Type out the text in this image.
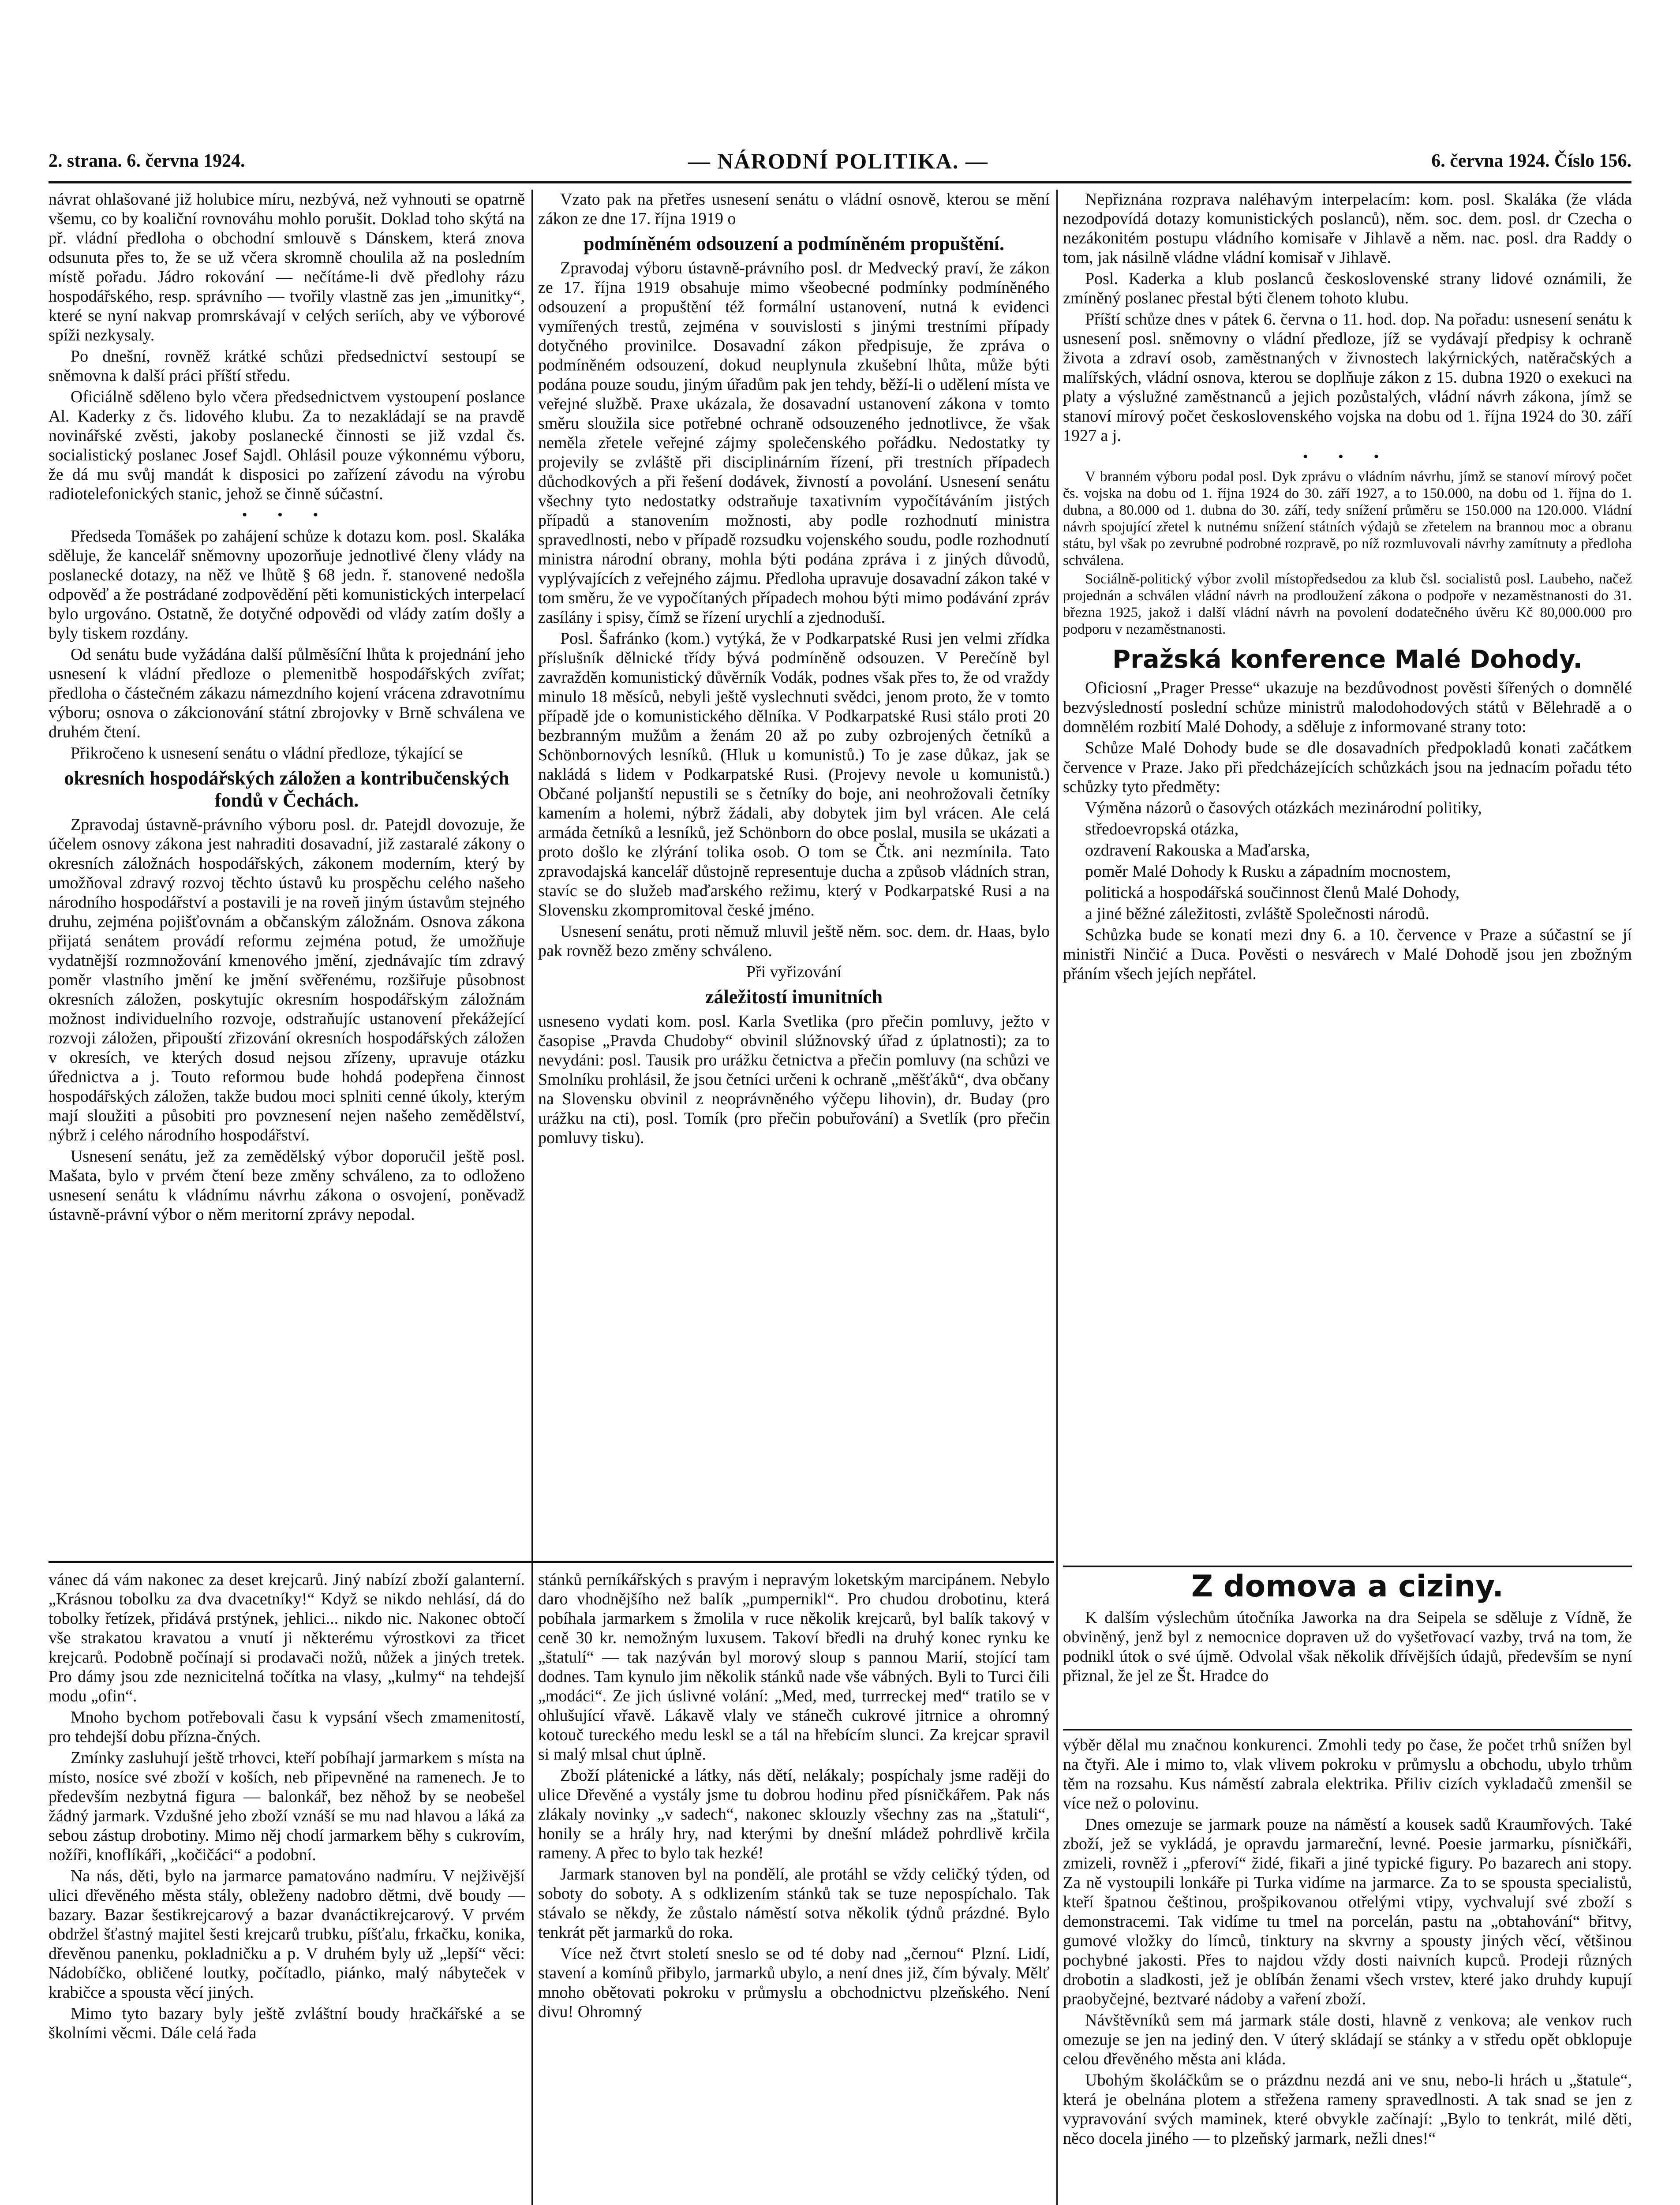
2. strana. 6. června 1924.	— NÁRODNÍ POLITIKA. —	6. června 1924. Číslo 156.

návrat ohlašované již holubice míru, nezbývá, než vyhnouti se opatrně všemu, co by koaliční rovnováhu mohlo porušit. Doklad toho skýtá na př. vládní předloha o obchodní smlouvě s Dánskem, která znova odsunuta přes to, že se už včera skromně choulila až na posledním místě pořadu. Jádro rokování — nečítáme-li dvě předlohy rázu hospodářského, resp. správního — tvořily vlastně zas jen „imunitky“, které se nyní nakvap promrskávají v celých seriích, aby ve výborové spíži nezkysaly.

Po dnešní, rovněž krátké schůzi předsednictví sestoupí se sněmovna k další práci příští středu.

Oficiálně sděleno bylo včera předsednictvem vystoupení poslance Al. Kaderky z čs. lidového klubu. Za to nezakládají se na pravdě novinářské zvěsti, jakoby poslanecké činnosti se již vzdal čs. socialistický poslanec Josef Sajdl. Ohlásil pouze výkonnému výboru, že dá mu svůj mandát k disposici po zařízení závodu na výrobu radiotelefonických stanic, jehož se činně súčastní.

• • •

Předseda Tomášek po zahájení schůze k dotazu kom. posl. Skaláka sděluje, že kancelář sněmovny upozorňuje jednotlivé členy vlády na poslanecké dotazy, na něž ve lhůtě § 68 jedn. ř. stanovené nedošla odpověď a že postrádané zodpovědění pěti komunistických interpelací bylo urgováno. Ostatně, že dotyčné odpovědi od vlády zatím došly a byly tiskem rozdány.

Od senátu bude vyžádána další půlměsíční lhůta k projednání jeho usnesení k vládní předloze o plemenitbě hospodářských zvířat; předloha o částečném zákazu námezdního kojení vrácena zdravotnímu výboru; osnova o zákcionování státní zbrojovky v Brně schválena ve druhém čtení.

Přikročeno k usnesení senátu o vládní předloze, týkající se

okresních hospodářských záložen a kontribučenských fondů v Čechách.

Zpravodaj ústavně-právního výboru posl. dr. Patejdl dovozuje, že účelem osnovy zákona jest nahraditi dosavadní, již zastaralé zákony o okresních záložnách hospodářských, zákonem moderním, který by umožňoval zdravý rozvoj těchto ústavů ku prospěchu celého našeho národního hospodářství a postavili je na roveň jiným ústavům stejného druhu, zejména pojišťovnám a občanským záložnám. Osnova zákona přijatá senátem provádí reformu zejména potud, že umožňuje vydatnější rozmnožování kmenového jmění, zjednávajíc tím zdravý poměr vlastního jmění ke jmění svěřenému, rozšiřuje působnost okresních záložen, poskytujíc okresním hospodářským záložnám možnost individuelního rozvoje, odstraňujíc ustanovení překážející rozvoji záložen, připouští zřizování okresních hospodářských záložen v okresích, ve kterých dosud nejsou zřízeny, upravuje otázku úřednictva a j. Touto reformou bude hohdá podepřena činnost hospodářských záložen, takže budou moci splniti cenné úkoly, kterým mají sloužiti a působiti pro povznesení nejen našeho zemědělství, nýbrž i celého národního hospodářství.

Usnesení senátu, jež za zemědělský výbor doporučil ještě posl. Mašata, bylo v prvém čtení beze změny schváleno, za to odloženo usnesení senátu k vládnímu návrhu zákona o osvojení, poněvadž ústavně-právní výbor o něm meritorní zprávy nepodal.

Vzato pak na přetřes usnesení senátu o vládní osnově, kterou se mění zákon ze dne 17. října 1919 o

podmíněném odsouzení a podmíněném propuštění.

Zpravodaj výboru ústavně-právního posl. dr Medvecký praví, že zákon ze 17. října 1919 obsahuje mimo všeobecné podmínky podmíněného odsouzení a propuštění též formální ustanovení, nutná k evidenci vymířených trestů, zejména v souvislosti s jinými trestními případy dotyčného provinilce. Dosavadní zákon předpisuje, že zpráva o podmíněném odsouzení, dokud neuplynula zkušební lhůta, může býti podána pouze soudu, jiným úřadům pak jen tehdy, běží-li o udělení místa ve veřejné službě. Praxe ukázala, že dosavadní ustanovení zákona v tomto směru sloužila sice potřebné ochraně odsouzeného jednotlivce, že však neměla zřetele veřejné zájmy společenského pořádku. Nedostatky ty projevily se zvláště při disciplinárním řízení, při trestních případech důchodkových a při řešení dodávek, živností a povolání. Usnesení senátu všechny tyto nedostatky odstraňuje taxativním vypočítáváním jistých případů a stanovením možnosti, aby podle rozhodnutí ministra spravedlnosti, nebo v případě rozsudku vojenského soudu, podle rozhodnutí ministra národní obrany, mohla býti podána zpráva i z jiných důvodů, vyplývajících z veřejného zájmu. Předloha upravuje dosavadní zákon také v tom směru, že ve vypočítaných případech mohou býti mimo podávání zpráv zasílány i spisy, čímž se řízení urychlí a zjednoduší.

Posl. Šafránko (kom.) vytýká, že v Podkarpatské Rusi jen velmi zřídka příslušník dělnické třídy bývá podmíněně odsouzen. V Perečíně byl zavražděn komunistický důvěrník Vodák, podnes však přes to, že od vraždy minulo 18 měsíců, nebyli ještě vyslechnuti svědci, jenom proto, že v tomto případě jde o komunistického dělníka. V Podkarpatské Rusi stálo proti 20 bezbranným mužům a ženám 20 až po zuby ozbrojených četníků a Schönbornových lesníků. (Hluk u komunistů.) To je zase důkaz, jak se nakládá s lidem v Podkarpatské Rusi. (Projevy nevole u komunistů.) Občané poljanští nepustili se s četníky do boje, ani neohrožovali četníky kamením a holemi, nýbrž žádali, aby dobytek jim byl vrácen. Ale celá armáda četníků a lesníků, jež Schönborn do obce poslal, musila se ukázati a proto došlo ke zlýrání tolika osob. O tom se Čtk. ani nezmínila. Tato zpravodajská kancelář důstojně representuje ducha a způsob vládních stran, stavíc se do služeb maďarského režimu, který v Podkarpatské Rusi a na Slovensku zkompromitoval české jméno.

Usnesení senátu, proti němuž mluvil ještě něm. soc. dem. dr. Haas, bylo pak rovněž bezo změny schváleno.

Při vyřizování

záležitostí imunitních

usneseno vydati kom. posl. Karla Svetlika (pro přečin pomluvy, ježto v časopise „Pravda Chudoby“ obvinil slúžnovský úřad z úplatnosti); za to nevydáni: posl. Tausik pro urážku četnictva a přečin pomluvy (na schůzi ve Smolníku prohlásil, že jsou četníci určeni k ochraně „měšťáků“, dva občany na Slovensku obvinil z neoprávněného výčepu lihovin), dr. Buday (pro urážku na cti), posl. Tomík (pro přečin pobuřování) a Svetlík (pro přečin pomluvy tisku).

Nepřiznána rozprava naléhavým interpelacím: kom. posl. Skaláka (že vláda nezodpovídá dotazy komunistických poslanců), něm. soc. dem. posl. dr Czecha o nezákonitém postupu vládního komisaře v Jihlavě a něm. nac. posl. dra Raddy o tom, jak násilně vládne vládní komisař v Jihlavě.

Posl. Kaderka a klub poslanců československé strany lidové oznámili, že zmíněný poslanec přestal býti členem tohoto klubu.

Příští schůze dnes v pátek 6. června o 11. hod. dop. Na pořadu: usnesení senátu k usnesení posl. sněmovny o vládní předloze, jíž se vydávají předpisy k ochraně života a zdraví osob, zaměstnaných v živnostech lakýrnických, natěračských a malířských, vládní osnova, kterou se doplňuje zákon z 15. dubna 1920 o exekuci na platy a výslužné zaměstnanců a jejich pozůstalých, vládní návrh zákona, jímž se stanoví mírový počet československého vojska na dobu od 1. října 1924 do 30. září 1927 a j.

• • •

V branném výboru podal posl. Dyk zprávu o vládním návrhu, jímž se stanoví mírový počet čs. vojska na dobu od 1. října 1924 do 30. září 1927, a to 150.000, na dobu od 1. října do 1. dubna, a 80.000 od 1. dubna do 30. září, tedy snížení průměru se 150.000 na 120.000. Vládní návrh spojující zřetel k nutnému snížení státních výdajů se zřetelem na brannou moc a obranu státu, byl však po zevrubné podrobné rozpravě, po níž rozmluvovali návrhy zamítnuty a předloha schválena.

Sociálně-politický výbor zvolil místopředsedou za klub čsl. socialistů posl. Laubeho, načež projednán a schválen vládní návrh na prodloužení zákona o podpoře v nezaměstnanosti do 31. března 1925, jakož i další vládní návrh na povolení dodatečného úvěru Kč 80,000.000 pro podporu v nezaměstnanosti.

Pražská konference Malé Dohody.

Oficiosní „Prager Presse“ ukazuje na bezdůvodnost pověsti šířených o domnělé bezvýsledností poslední schůze ministrů malodohodových států v Bělehradě a o domnělém rozbití Malé Dohody, a sděluje z informované strany toto:

Schůze Malé Dohody bude se dle dosavadních předpokladů konati začátkem července v Praze. Jako při předcházejících schůzkách jsou na jednacím pořadu této schůzky tyto předměty:

Výměna názorů o časových otázkách mezinárodní politiky,

středoevropská otázka,

ozdravení Rakouska a Maďarska,

poměr Malé Dohody k Rusku a západním mocnostem,

politická a hospodářská součinnost členů Malé Dohody,

a jiné běžné záležitosti, zvláště Společnosti národů.

Schůzka bude se konati mezi dny 6. a 10. července v Praze a súčastní se jí ministři Ninčić a Duca. Pověsti o nesvárech v Malé Dohodě jsou jen zbožným přáním všech jejích nepřátel.

Z domova a ciziny.

K dalším výslechům útočníka Jaworka na dra Seipela se sděluje z Vídně, že obviněný, jenž byl z nemocnice dopraven už do vyšetřovací vazby, trvá na tom, že podnikl útok o své újmě. Odvolal však několik dřívějších údajů, především se nyní přiznal, že jel ze Št. Hradce do

vánec dá vám nakonec za deset krejcarů. Jiný nabízí zboží galanterní. „Krásnou tobolku za dva dvacetníky!“ Když se nikdo nehlásí, dá do tobolky řetízek, přidává prstýnek, jehlici... nikdo nic. Nakonec obtočí vše strakatou kravatou a vnutí ji některému výrostkovi za třicet krejcarů. Podobně počínají si prodavači nožů, nůžek a jiných tretek. Pro dámy jsou zde neznicitelná točítka na vlasy, „kulmy“ na tehdejší modu „ofin“.

Mnoho bychom potřebovali času k vypsání všech zmamenitostí, pro tehdejší dobu přízna-čných.

Zmínky zasluhují ještě trhovci, kteří pobíhají jarmarkem s místa na místo, nosíce své zboží v koších, neb připevněné na ramenech. Je to především nezbytná figura — balonkář, bez něhož by se neobešel žádný jarmark. Vzdušné jeho zboží vznáší se mu nad hlavou a láká za sebou zástup drobotiny. Mimo něj chodí jarmarkem běhy s cukrovím, nožíři, knoflíkáři, „kočičáci“ a podobní.

Na nás, děti, bylo na jarmarce pamatováno nadmíru. V nejživější ulici dřevěného města stály, obleženy nadobro dětmi, dvě boudy — bazary. Bazar šestikrejcarový a bazar dvanáctikrejcarový. V prvém obdržel šťastný majitel šesti krejcarů trubku, píšťalu, frkačku, konika, dřevěnou panenku, pokladničku a p. V druhém byly už „lepší“ věci: Nádobíčko, obličené loutky, počítadlo, piánko, malý nábyteček v krabičce a spousta věcí jiných.

Mimo tyto bazary byly ještě zvláštní boudy hračkářské a se školními věcmi. Dále celá řada

stánků perníkářských s pravým i nepravým loketským marcipánem. Nebylo daro vhodnějšího než balík „pumpernikl“. Pro chudou drobotinu, která pobíhala jarmarkem s žmolila v ruce několik krejcarů, byl balík takový v ceně 30 kr. nemožným luxusem. Takoví bředli na druhý konec rynku ke „štatulí“ — tak nazýván byl morový sloup s pannou Marií, stojící tam dodnes. Tam kynulo jim několik stánků nade vše vábných. Byli to Turci čili „modáci“. Ze jich úslivné volání: „Med, med, turrreckej med“ tratilo se v ohlušující vřavě. Lákavě vlaly ve stánečh cukrové jitrnice a ohromný kotouč tureckého medu leskl se a tál na hřebícím slunci. Za krejcar spravil si malý mlsal chut úplně.

Zboží plátenické a látky, nás dětí, nelákaly; pospíchaly jsme raději do ulice Dřevěné a vystály jsme tu dobrou hodinu před písničkářem. Pak nás zlákaly novinky „v sadech“, nakonec sklouzly všechny zas na „štatuli“, honily se a hrály hry, nad kterými by dnešní mládež pohrdlivě krčila rameny. A přec to bylo tak hezké!

Jarmark stanoven byl na pondělí, ale protáhl se vždy celičký týden, od soboty do soboty. A s odklizením stánků tak se tuze nepospíchalo. Tak stávalo se někdy, že zůstalo náměstí sotva několik týdnů prázdné. Bylo tenkrát pět jarmarků do roka.

Více než čtvrt století sneslo se od té doby nad „černou“ Plzní. Lidí, stavení a komínů přibylo, jarmarků ubylo, a není dnes již, čím bývaly. Mělť mnoho obětovati pokroku v průmyslu a obchodnictvu plzeňského. Není divu! Ohromný

výběr dělal mu značnou konkurenci. Zmohli tedy po čase, že počet trhů snížen byl na čtyři. Ale i mimo to, vlak vlivem pokroku v průmyslu a obchodu, ubylo trhům těm na rozsahu. Kus náměstí zabrala elektrika. Přiliv cizích vykladačů zmenšil se více než o polovinu.

Dnes omezuje se jarmark pouze na náměstí a kousek sadů Kraumřových. Také zboží, jež se vykládá, je opravdu jarmareční, levné. Poesie jarmarku, písničkáři, zmizeli, rovněž i „pferoví“ židé, fikaři a jiné typické figury. Po bazarech ani stopy. Za ně vystoupili lonkáře pi Turka vidíme na jarmarce. Za to se spousta specialistů, kteří špatnou češtinou, prošpikovanou otřelými vtipy, vychvalují své zboží s demonstracemi. Tak vidíme tu tmel na porcelán, pastu na „obtahování“ břitvy, gumové vložky do límců, tinktury na skvrny a spousty jiných věcí, většinou pochybné jakosti. Přes to najdou vždy dosti naivních kupců. Prodeji různých drobotin a sladkosti, jež je oblíbán ženami všech vrstev, které jako druhdy kupují praobyčejné, beztvaré nádoby a vaření zboží.

Návštěvníků sem má jarmark stále dosti, hlavně z venkova; ale venkov ruch omezuje se jen na jediný den. V úterý skládají se stánky a v středu opět obklopuje celou dřevěného města ani kláda.

Ubohým školáčkům se o prázdnu nezdá ani ve snu, nebo-li hrách u „štatule“, která je obelnána plotem a střežena rameny spravedlnosti. A tak snad se jen z vypravování svých maminek, které obvykle začínají: „Bylo to tenkrát, milé děti, něco docela jiného — to plzeňský jarmark, nežli dnes!“
